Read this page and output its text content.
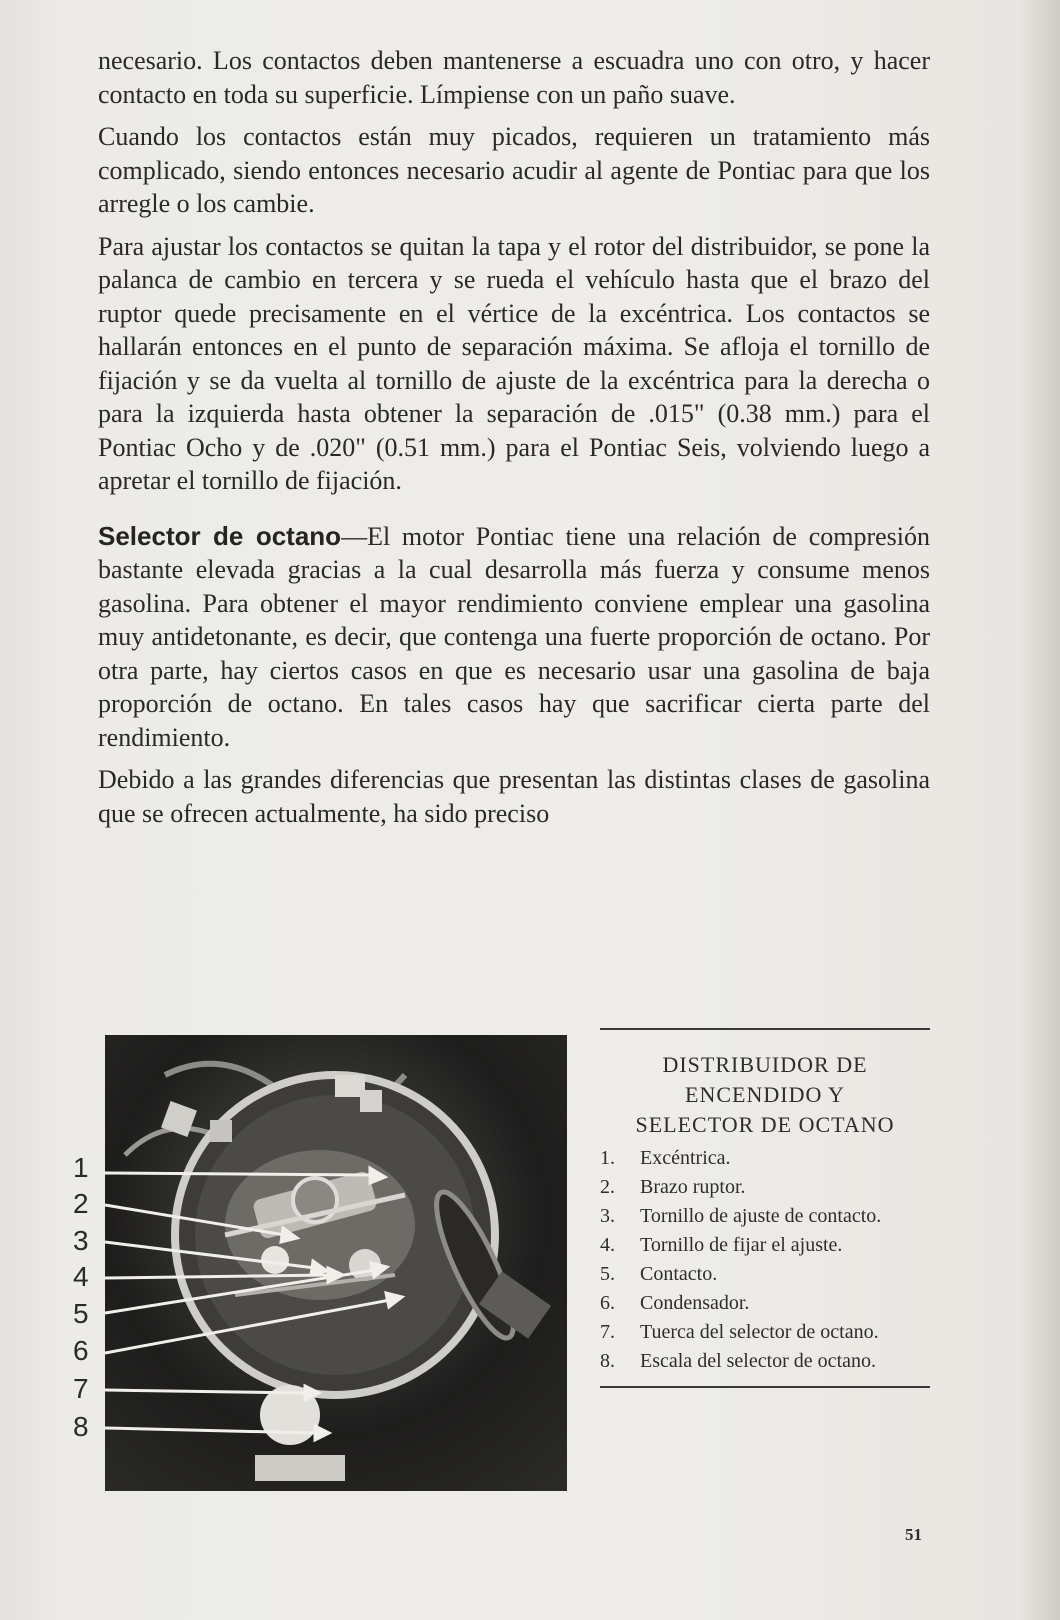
necesario. Los contactos deben mantenerse a escuadra uno con otro, y hacer contacto en toda su superficie. Límpiense con un paño suave.

Cuando los contactos están muy picados, requieren un tratamiento más complicado, siendo entonces necesario acudir al agente de Pontiac para que los arregle o los cambie.

Para ajustar los contactos se quitan la tapa y el rotor del distribuidor, se pone la palanca de cambio en tercera y se rueda el vehículo hasta que el brazo del ruptor quede precisamente en el vértice de la excéntrica. Los contactos se hallarán entonces en el punto de separación máxima. Se afloja el tornillo de fijación y se da vuelta al tornillo de ajuste de la excéntrica para la derecha o para la izquierda hasta obtener la separación de .015" (0.38 mm.) para el Pontiac Ocho y de .020" (0.51 mm.) para el Pontiac Seis, volviendo luego a apretar el tornillo de fijación.

Selector de octano—El motor Pontiac tiene una relación de compresión bastante elevada gracias a la cual desarrolla más fuerza y consume menos gasolina. Para obtener el mayor rendimiento conviene emplear una gasolina muy antidetonante, es decir, que contenga una fuerte proporción de octano. Por otra parte, hay ciertos casos en que es necesario usar una gasolina de baja proporción de octano. En tales casos hay que sacrificar cierta parte del rendimiento.

Debido a las grandes diferencias que presentan las distintas clases de gasolina que se ofrecen actualmente, ha sido preciso

1
2
3
4
5
6
7
8
DISTRIBUIDOR DE
ENCENDIDO Y
SELECTOR DE OCTANO
1.	Excéntrica.
2.	Brazo ruptor.
3.	Tornillo de ajuste de contacto.
4.	Tornillo de fijar el ajuste.
5.	Contacto.
6.	Condensador.
7.	Tuerca del selector de octano.
8.	Escala del selector de octano.
51
